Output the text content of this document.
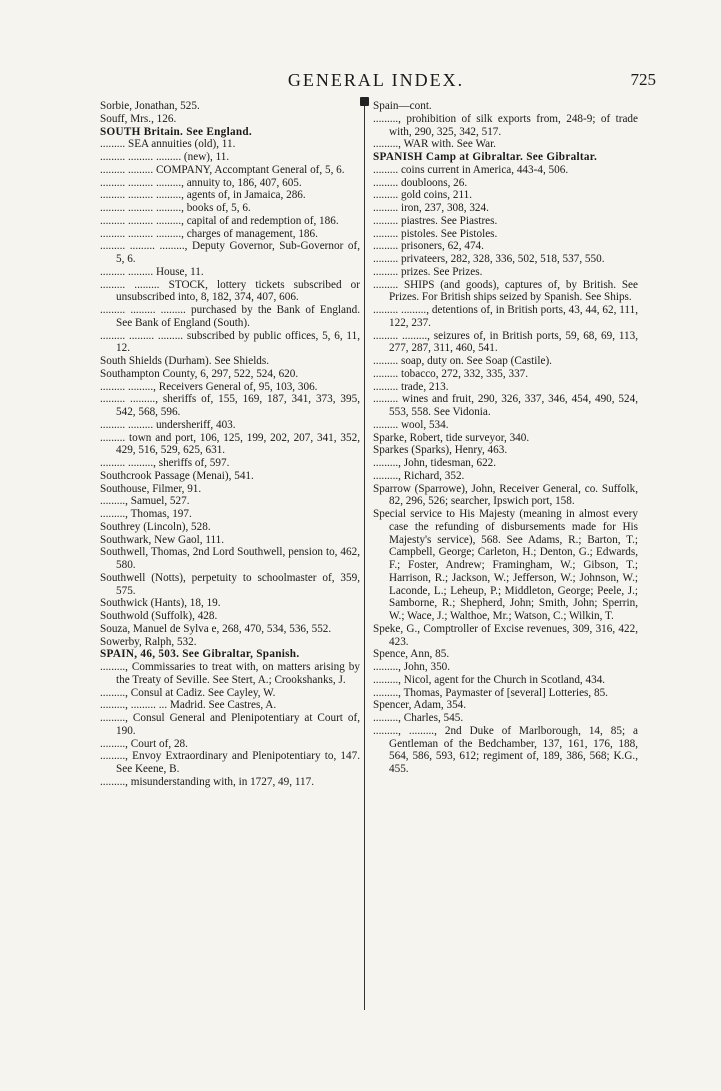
GENERAL INDEX.	725

Sorbie, Jonathan, 525.

Souff, Mrs., 126.

SOUTH Britain. See England.

......... SEA annuities (old), 11.

......... ......... ......... (new), 11.

......... ......... COMPANY, Accomptant General of, 5, 6.

......... ......... ........., annuity to, 186, 407, 605.

......... ......... ........., agents of, in Jamaica, 286.

......... ......... ........., books of, 5, 6.

......... ......... ........., capital of and redemption of, 186.

......... ......... ........., charges of management, 186.

......... ......... ........., Deputy Governor, Sub-Governor of, 5, 6.

......... ......... House, 11.

......... ......... STOCK, lottery tickets subscribed or unsubscribed into, 8, 182, 374, 407, 606.

......... ......... ......... purchased by the Bank of England. See Bank of England (South).

......... ......... ......... subscribed by public offices, 5, 6, 11, 12.

South Shields (Durham). See Shields.

Southampton County, 6, 297, 522, 524, 620.

......... ........., Receivers General of, 95, 103, 306.

......... ........., sheriffs of, 155, 169, 187, 341, 373, 395, 542, 568, 596.

......... ......... undersheriff, 403.

......... town and port, 106, 125, 199, 202, 207, 341, 352, 429, 516, 529, 625, 631.

......... ........., sheriffs of, 597.

Southcrook Passage (Menai), 541.

Southouse, Filmer, 91.

........., Samuel, 527.

........., Thomas, 197.

Southrey (Lincoln), 528.

Southwark, New Gaol, 111.

Southwell, Thomas, 2nd Lord Southwell, pension to, 462, 580.

Southwell (Notts), perpetuity to schoolmaster of, 359, 575.

Southwick (Hants), 18, 19.

Southwold (Suffolk), 428.

Souza, Manuel de Sylva e, 268, 470, 534, 536, 552.

Sowerby, Ralph, 532.

SPAIN, 46, 503. See Gibraltar, Spanish.

........., Commissaries to treat with, on matters arising by the Treaty of Seville. See Stert, A.; Crookshanks, J.

........., Consul at Cadiz. See Cayley, W.

........., ......... ... Madrid. See Castres, A.

........., Consul General and Plenipotentiary at Court of, 190.

........., Court of, 28.

........., Envoy Extraordinary and Plenipotentiary to, 147. See Keene, B.

........., misunderstanding with, in 1727, 49, 117.

Spain—cont.

........., prohibition of silk exports from, 248-9; of trade with, 290, 325, 342, 517.

........., WAR with. See War.

SPANISH Camp at Gibraltar. See Gibraltar.

......... coins current in America, 443-4, 506.

......... doubloons, 26.

......... gold coins, 211.

......... iron, 237, 308, 324.

......... piastres. See Piastres.

......... pistoles. See Pistoles.

......... prisoners, 62, 474.

......... privateers, 282, 328, 336, 502, 518, 537, 550.

......... prizes. See Prizes.

......... SHIPS (and goods), captures of, by British. See Prizes. For British ships seized by Spanish. See Ships.

......... ........., detentions of, in British ports, 43, 44, 62, 111, 122, 237.

......... ........., seizures of, in British ports, 59, 68, 69, 113, 277, 287, 311, 460, 541.

......... soap, duty on. See Soap (Castile).

......... tobacco, 272, 332, 335, 337.

......... trade, 213.

......... wines and fruit, 290, 326, 337, 346, 454, 490, 524, 553, 558. See Vidonia.

......... wool, 534.

Sparke, Robert, tide surveyor, 340.

Sparkes (Sparks), Henry, 463.

........., John, tidesman, 622.

........., Richard, 352.

Sparrow (Sparrowe), John, Receiver General, co. Suffolk, 82, 296, 526; searcher, Ipswich port, 158.

Special service to His Majesty (meaning in almost every case the refunding of disbursements made for His Majesty's service), 568. See Adams, R.; Barton, T.; Campbell, George; Carleton, H.; Denton, G.; Edwards, F.; Foster, Andrew; Framingham, W.; Gibson, T.; Harrison, R.; Jackson, W.; Jefferson, W.; Johnson, W.; Laconde, L.; Leheup, P.; Middleton, George; Peele, J.; Samborne, R.; Shepherd, John; Smith, John; Sperrin, W.; Wace, J.; Walthoe, Mr.; Watson, C.; Wilkin, T.

Speke, G., Comptroller of Excise revenues, 309, 316, 422, 423.

Spence, Ann, 85.

........., John, 350.

........., Nicol, agent for the Church in Scotland, 434.

........., Thomas, Paymaster of [several] Lotteries, 85.

Spencer, Adam, 354.

........., Charles, 545.

........., ........., 2nd Duke of Marlborough, 14, 85; a Gentleman of the Bedchamber, 137, 161, 176, 188, 564, 586, 593, 612; regiment of, 189, 386, 568; K.G., 455.
